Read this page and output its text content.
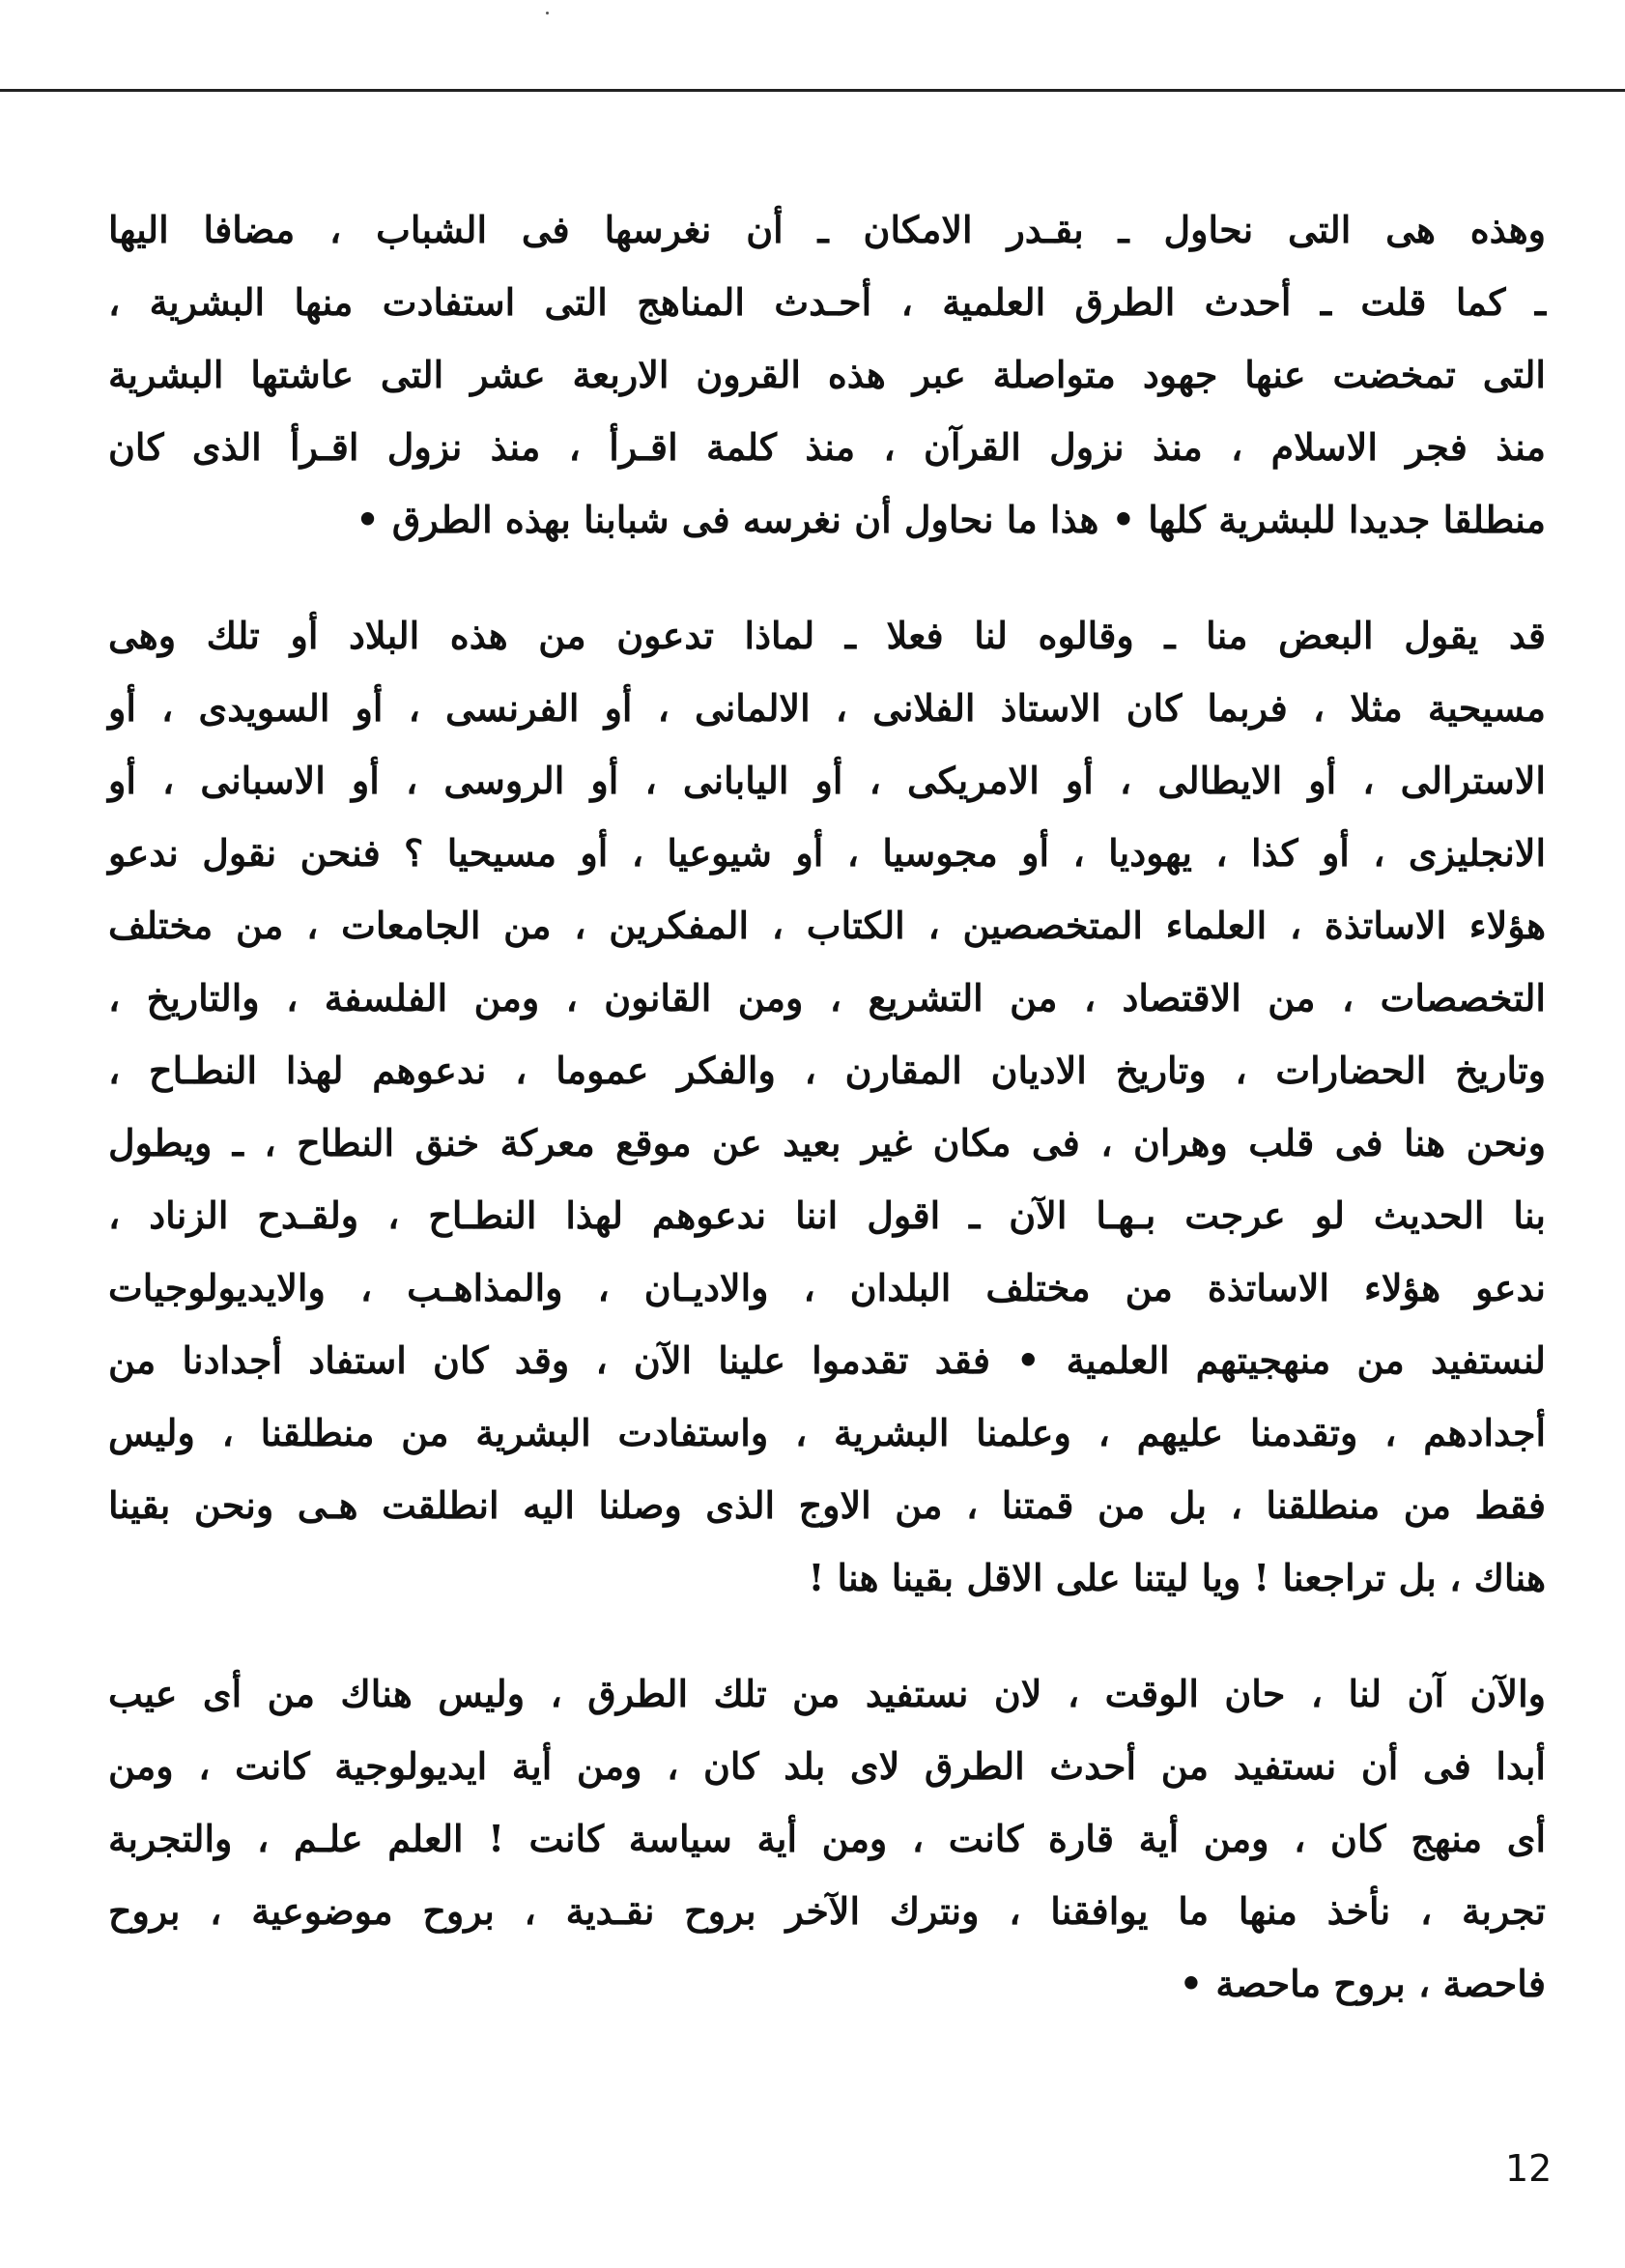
وهذه هى التى نحاول ـ بقـدر الامكان ـ أن نغرسها فى الشباب ، مضافا اليها
ـ كما قلت ـ أحدث الطرق العلمية ، أحـدث المناهج التى استفادت منها البشرية ،
التى تمخضت عنها جهود متواصلة عبر هذه القرون الاربعة عشر التى عاشتها البشرية
منذ فجر الاسلام ، منذ نزول القرآن ، منذ كلمة اقـرأ ، منذ نزول اقـرأ الذى كان
منطلقا جديدا للبشرية كلها • هذا ما نحاول أن نغرسه فى شبابنا بهذه الطرق •
قد يقول البعض منا ـ وقالوه لنا فعلا ـ لماذا تدعون من هذه البلاد أو تلك وهى
مسيحية مثلا ، فربما كان الاستاذ الفلانى ، الالمانى ، أو الفرنسى ، أو السويدى ، أو
الاسترالى ، أو الايطالى ، أو الامريكى ، أو اليابانى ، أو الروسى ، أو الاسبانى ، أو
الانجليزى ، أو كذا ، يهوديا ، أو مجوسيا ، أو شيوعيا ، أو مسيحيا ؟ فنحن نقول ندعو
هؤلاء الاساتذة ، العلماء المتخصصين ، الكتاب ، المفكرين ، من الجامعات ، من مختلف
التخصصات ، من الاقتصاد ، من التشريع ، ومن القانون ، ومن الفلسفة ، والتاريخ ،
وتاريخ الحضارات ، وتاريخ الاديان المقارن ، والفكر عموما ، ندعوهم لهذا النطـاح ،
ونحن هنا فى قلب وهران ، فى مكان غير بعيد عن موقع معركة خنق النطاح ، ـ ويطول
بنا الحديث لو عرجت بـهـا الآن ـ اقول اننا ندعوهم لهذا النطـاح ، ولقـدح الزناد ،
ندعو هؤلاء الاساتذة من مختلف البلدان ، والاديـان ، والمذاهـب ، والايديولوجيات
لنستفيد من منهجيتهم العلمية • فقد تقدموا علينا الآن ، وقد كان استفاد أجدادنا من
أجدادهم ، وتقدمنا عليهم ، وعلمنا البشرية ، واستفادت البشرية من منطلقنا ، وليس
فقط من منطلقنا ، بل من قمتنا ، من الاوج الذى وصلنا اليه انطلقت هـى ونحن بقينا
هناك ، بل تراجعنا ! ويا ليتنا على الاقل بقينا هنا !
والآن آن لنا ، حان الوقت ، لان نستفيد من تلك الطرق ، وليس هناك من أى عيب
أبدا فى أن نستفيد من أحدث الطرق لاى بلد كان ، ومن أية ايديولوجية كانت ، ومن
أى منهج كان ، ومن أية قارة كانت ، ومن أية سياسة كانت ! العلم علـم ، والتجربة
تجربة ، نأخذ منها ما يوافقنا ، ونترك الآخر بروح نقـدية ، بروح موضوعية ، بروح
فاحصة ، بروح ماحصة •
12
